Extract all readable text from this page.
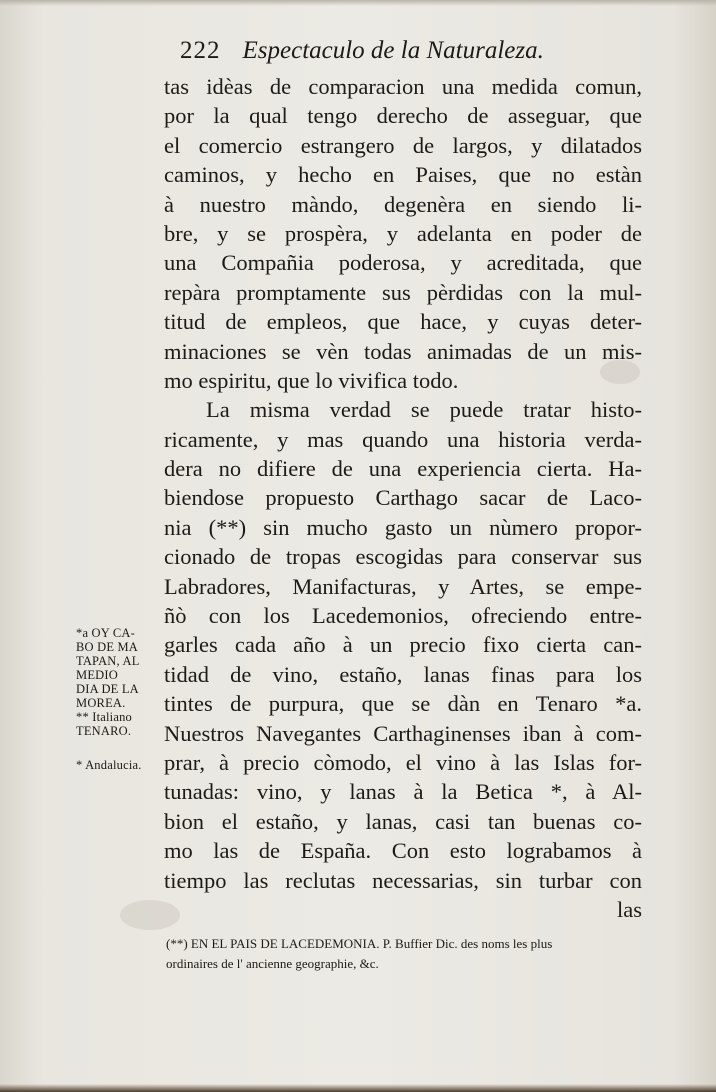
222 Espectaculo de la Naturaleza.
tas idèas de comparacion una medida comun,
por la qual tengo derecho de asseguar, que
el comercio estrangero de largos, y dilatados
caminos, y hecho en Paises, que no estàn
à nuestro màndo, degenèra en siendo li-
bre, y se prospèra, y adelanta en poder de
una Compañia poderosa, y acreditada, que
repàra promptamente sus pèrdidas con la mul-
titud de empleos, que hace, y cuyas deter-
minaciones se vèn todas animadas de un mis-
mo espiritu, que lo vivifica todo.
La misma verdad se puede tratar histo-
ricamente, y mas quando una historia verda-
dera no difiere de una experiencia cierta. Ha-
biendose propuesto Carthago sacar de Laco-
nia (**) sin mucho gasto un nùmero propor-
cionado de tropas escogidas para conservar sus
Labradores, Manifacturas, y Artes, se empe-
ñò con los Lacedemonios, ofreciendo entre-
garles cada año à un precio fixo cierta can-
tidad de vino, estaño, lanas finas para los
tintes de purpura, que se dàn en Tenaro *a.
Nuestros Navegantes Carthaginenses iban à com-
prar, à precio còmodo, el vino à las Islas for-
tunadas: vino, y lanas à la Betica *, à Al-
bion el estaño, y lanas, casi tan buenas co-
mo las de España. Con esto lograbamos à
tiempo las reclutas necessarias, sin turbar con
las
*a OY CA-
BO DE MA
TAPAN, AL
MEDIO
DIA DE LA
MOREA.
** Italiano
TENARO.
* Andalucia.
(**) EN EL PAIS DE LACEDEMONIA. P. Buffier Dic. des noms les plus
ordinaires de l' ancienne geographie, &c.
